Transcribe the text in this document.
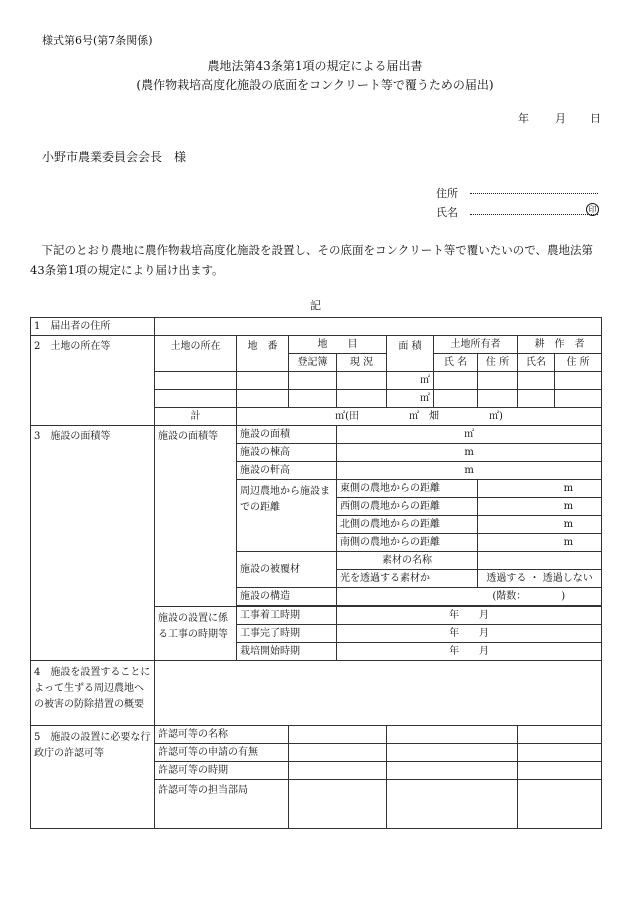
様式第6号(第7条関係)
農地法第43条第1項の規定による届出書
(農作物栽培高度化施設の底面をコンクリート等で覆うための届出)
年 月 日
小野市農業委員会会長　様
住所
氏名	印
下記のとおり農地に農作物栽培高度化施設を設置し、その底面をコンクリート等で覆いたいので、農地法第43条第1項の規定により届け出ます。
記
1　届出者の住所									
2　土地の所在等	土地の所在	地　番	地　　目		面 積	土地所有者		耕　作　者	
			登記簿	現 況		氏 名	住 所	氏名	住 所
					㎡				
					㎡				
	計	㎡(田　　　　　㎡　畑　　　　　㎡)							
3　施設の面積等	施設の面積等	施設の面積		㎡					
		施設の棟高		m					
		施設の軒高		m					
		周辺農地から施設までの距離		東側の農地からの距離			m		
				西側の農地からの距離			m		
				北側の農地からの距離			m		
				南側の農地からの距離			m		
		施設の被覆材		素材の名称					
				光を透過する素材か			透過する ・ 透過しない		
		施設の構造		(階数：　　　　)					

	施設の設置に係る工事の時期等	工事着工時期		年　　月					
		工事完了時期		年　　月					
		栽培開始時期		年　　月					
4　施設を設置することによって生ずる周辺農地への被害の防除措置の概要									
5　施設の設置に必要な行政庁の許認可等	許認可等の名称								
	許認可等の申請の有無								
	許認可等の時期								
	許認可等の担当部局								
